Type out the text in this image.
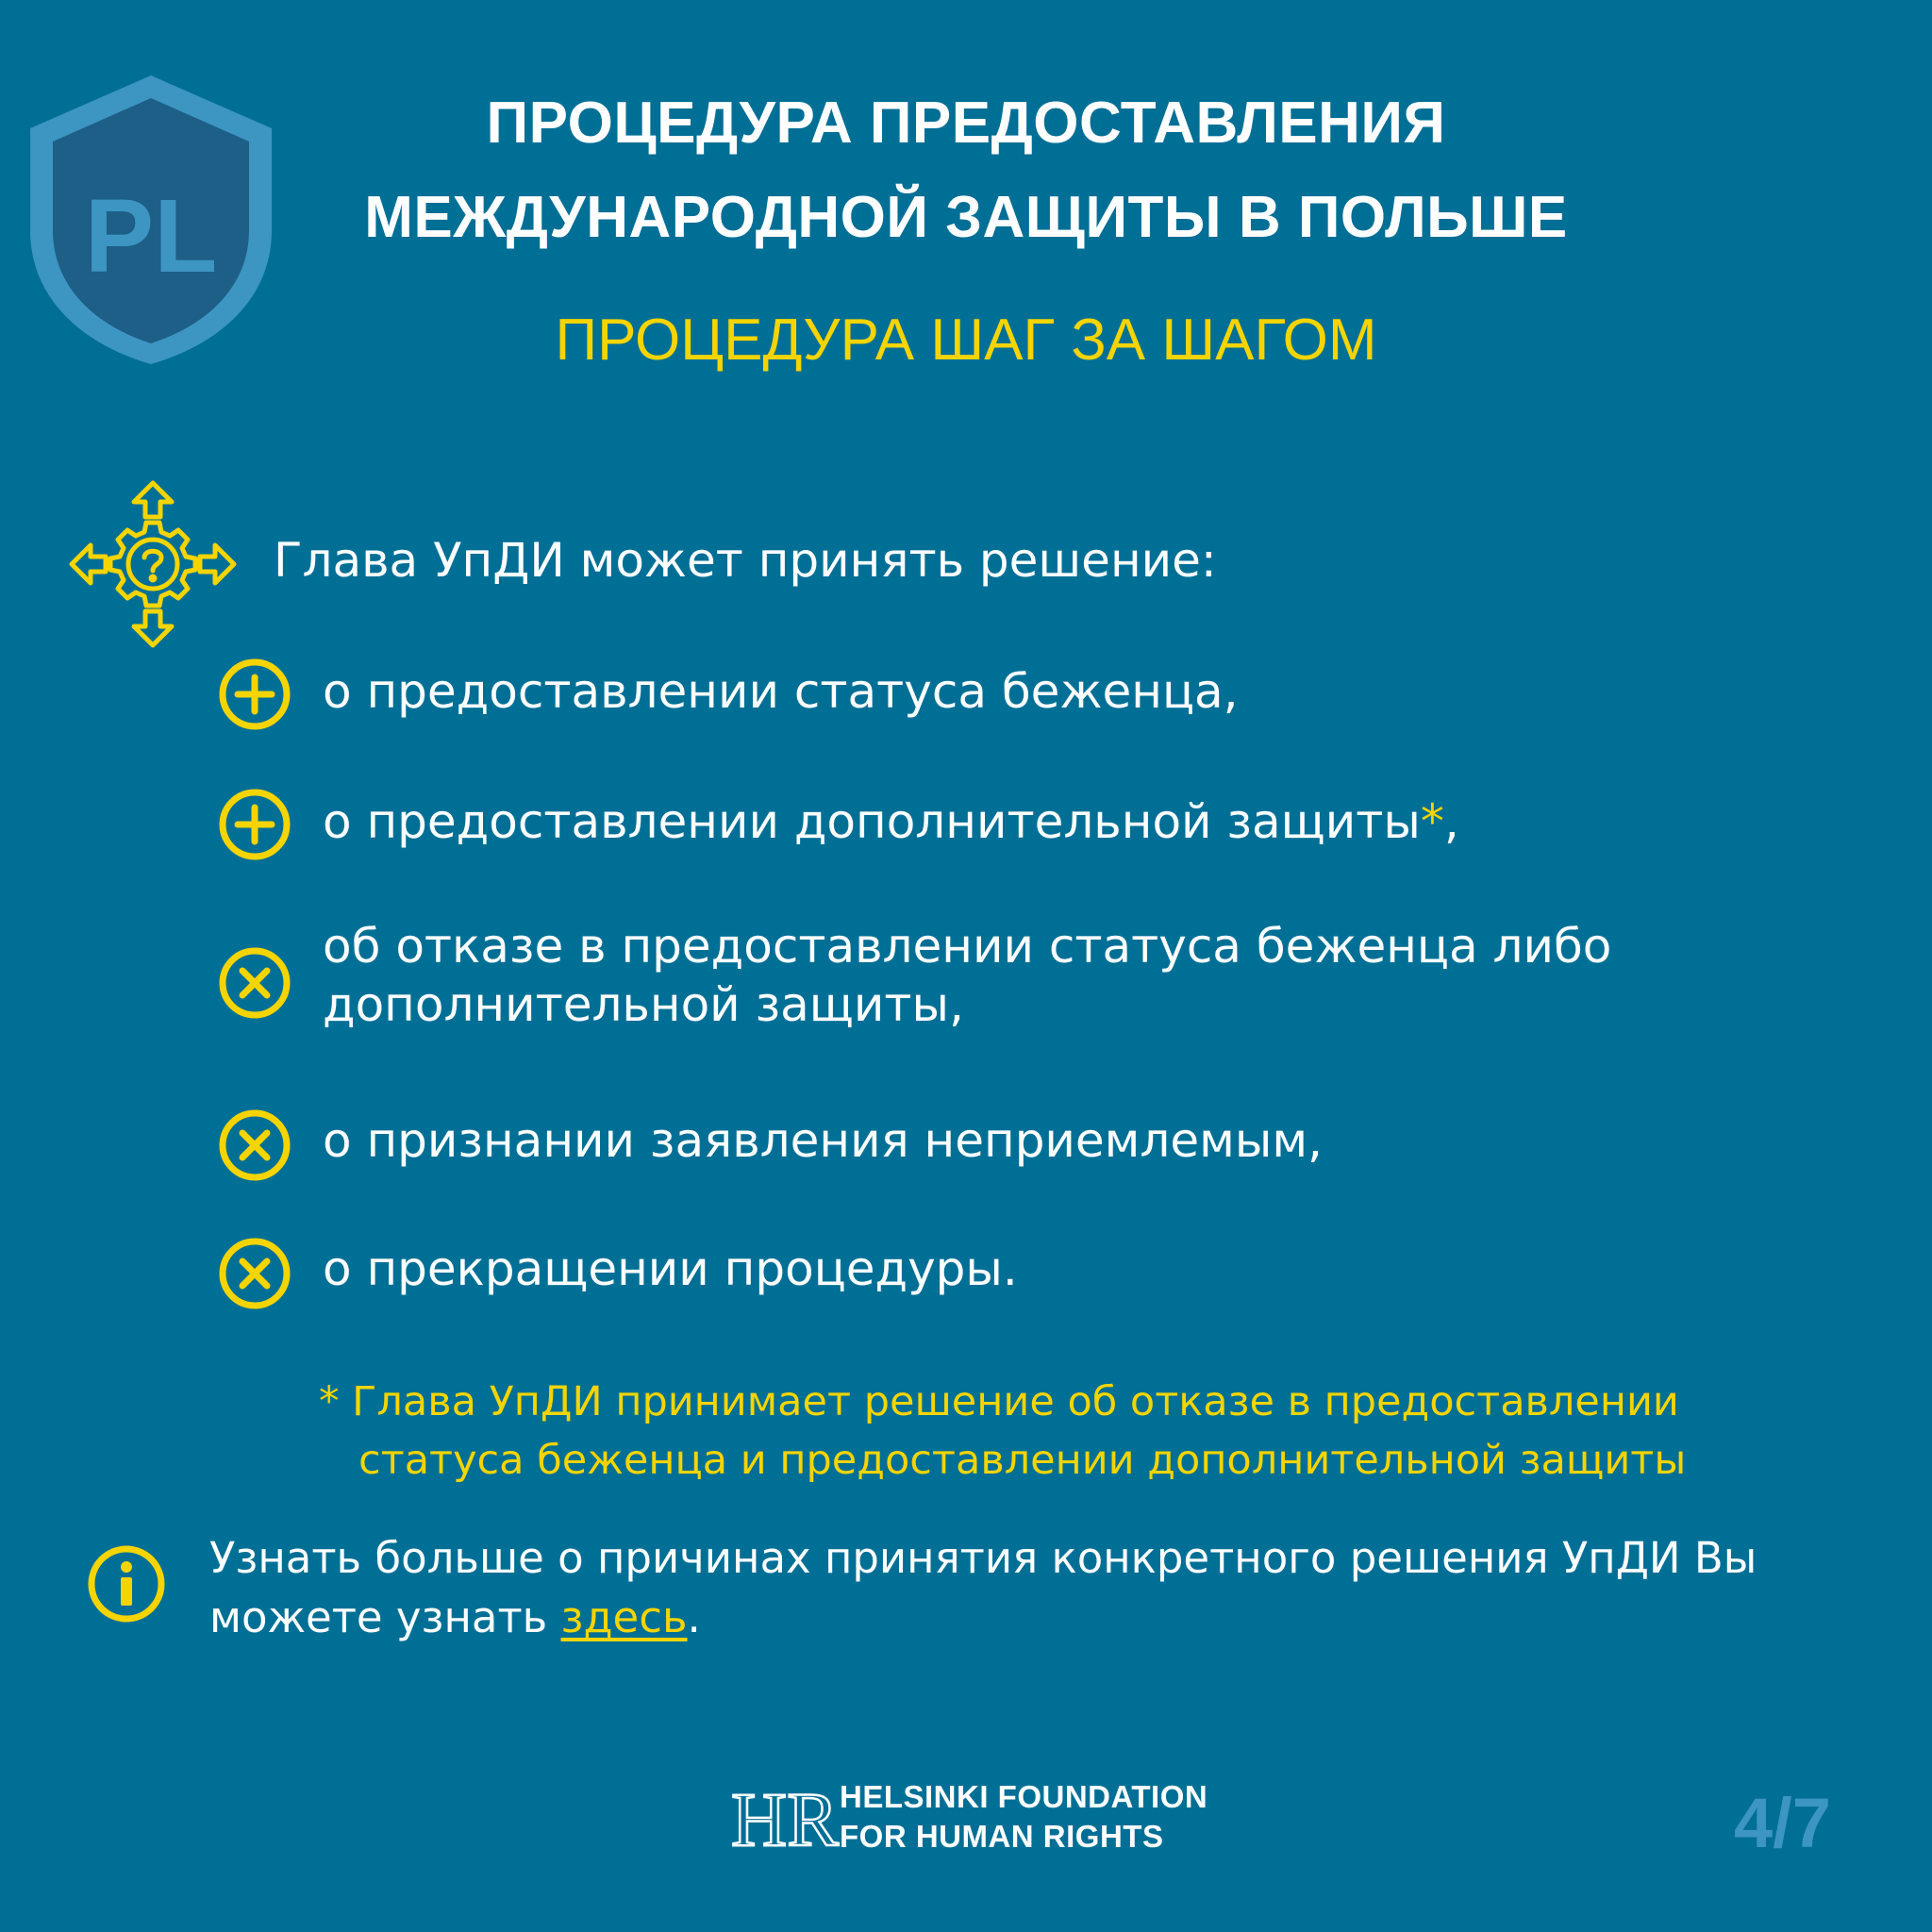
PL
ПРОЦЕДУРА ПРЕДОСТАВЛЕНИЯ
МЕЖДУНАРОДНОЙ ЗАЩИТЫ В ПОЛЬШЕ
ПРОЦЕДУРА ШАГ ЗА ШАГОМ
Глава УпДИ может принять решение:
о предоставлении статуса беженца,
о предоставлении дополнительной защиты*,
об отказе в предоставлении статуса беженца либо
дополнительной защиты,
о признании заявления неприемлемым,
о прекращении процедуры.
* Глава УпДИ принимает решение об отказе в предоставлении
статуса беженца и предоставлении дополнительной защиты
Узнать больше о причинах принятия конкретного решения УпДИ Вы
можете узнать здесь.
HR HELSINKI FOUNDATION
FOR HUMAN RIGHTS	4/7
